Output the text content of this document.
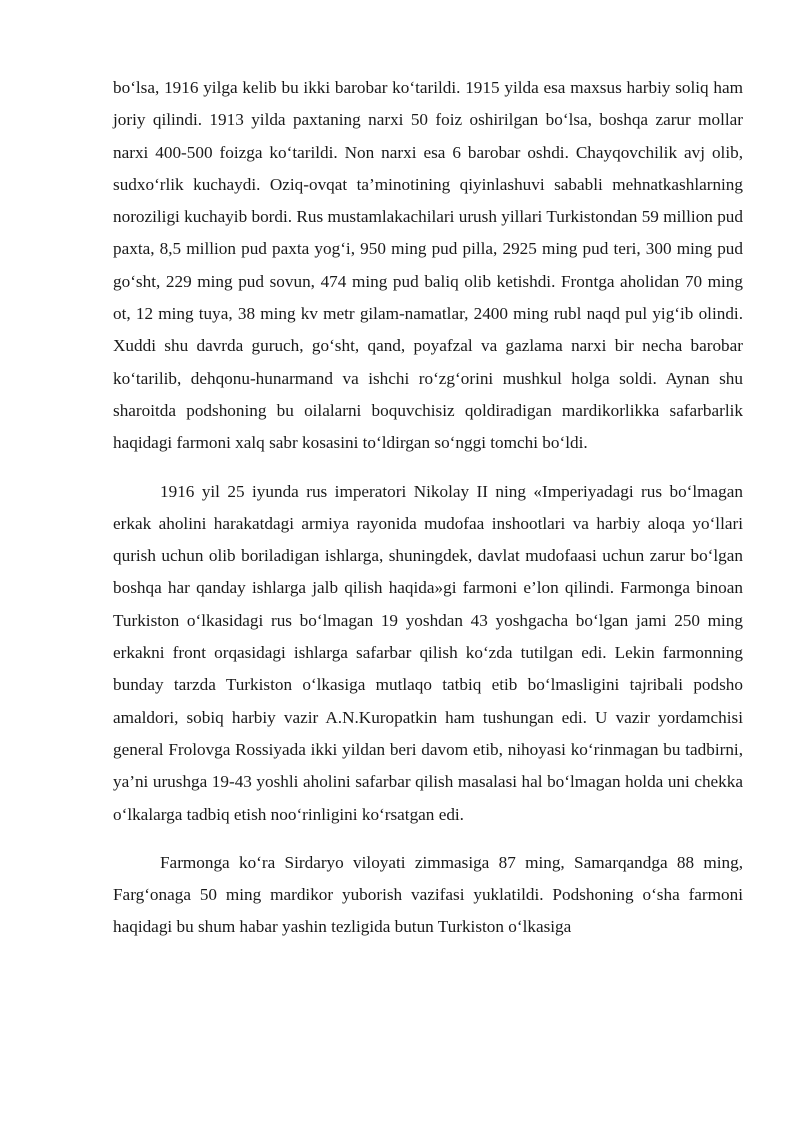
bo‘lsa, 1916 yilga kelib bu ikki barobar ko‘tarildi. 1915 yilda esa maxsus harbiy soliq ham joriy qilindi. 1913 yilda paxtaning narxi 50 foiz oshirilgan bo‘lsa, boshqa zarur mollar narxi 400-500 foizga ko‘tarildi. Non narxi esa 6 barobar oshdi. Chayqovchilik avj olib, sudxo‘rlik kuchaydi. Oziq-ovqat ta’minotining qiyinlashuvi sababli mehnatkashlarning noroziligi kuchayib bordi. Rus mustamlakachilari urush yillari Turkistondan 59 million pud paxta, 8,5 million pud paxta yog‘i, 950 ming pud pilla, 2925 ming pud teri, 300 ming pud go‘sht, 229 ming pud sovun, 474 ming pud baliq olib ketishdi. Frontga aholidan 70 ming ot, 12 ming tuya, 38 ming kv metr gilam-namatlar, 2400 ming rubl naqd pul yig‘ib olindi. Xuddi shu davrda guruch, go‘sht, qand, poyafzal va gazlama narxi bir necha barobar ko‘tarilib, dehqonu-hunarmand va ishchi ro‘zg‘orini mushkul holga soldi. Aynan shu sharoitda podshoning bu oilalarni boquvchisiz qoldiradigan mardikorlikka safarbarlik haqidagi farmoni xalq sabr kosasini to‘ldirgan so‘nggi tomchi bo‘ldi.

1916 yil 25 iyunda rus imperatori Nikolay II ning «Imperiyadagi rus bo‘lmagan erkak aholini harakatdagi armiya rayonida mudofaa inshootlari va harbiy aloqa yo‘llari qurish uchun olib boriladigan ishlarga, shuningdek, davlat mudofaasi uchun zarur bo‘lgan boshqa har qanday ishlarga jalb qilish haqida»gi farmoni e’lon qilindi. Farmonga binoan Turkiston o‘lkasidagi rus bo‘lmagan 19 yoshdan 43 yoshgacha bo‘lgan jami 250 ming erkakni front orqasidagi ishlarga safarbar qilish ko‘zda tutilgan edi. Lekin farmonning bunday tarzda Turkiston o‘lkasiga mutlaqo tatbiq etib bo‘lmasligini tajribali podsho amaldori, sobiq harbiy vazir A.N.Kuropatkin ham tushungan edi. U vazir yordamchisi general Frolovga Rossiyada ikki yildan beri davom etib, nihoyasi ko‘rinmagan bu tadbirni, ya’ni urushga 19-43 yoshli aholini safarbar qilish masalasi hal bo‘lmagan holda uni chekka o‘lkalarga tadbiq etish noo‘rinligini ko‘rsatgan edi.

Farmonga ko‘ra Sirdaryo viloyati zimmasiga 87 ming, Samarqandga 88 ming, Farg‘onaga 50 ming mardikor yuborish vazifasi yuklatildi. Podshoning o‘sha farmoni haqidagi bu shum habar yashin tezligida butun Turkiston o‘lkasiga
